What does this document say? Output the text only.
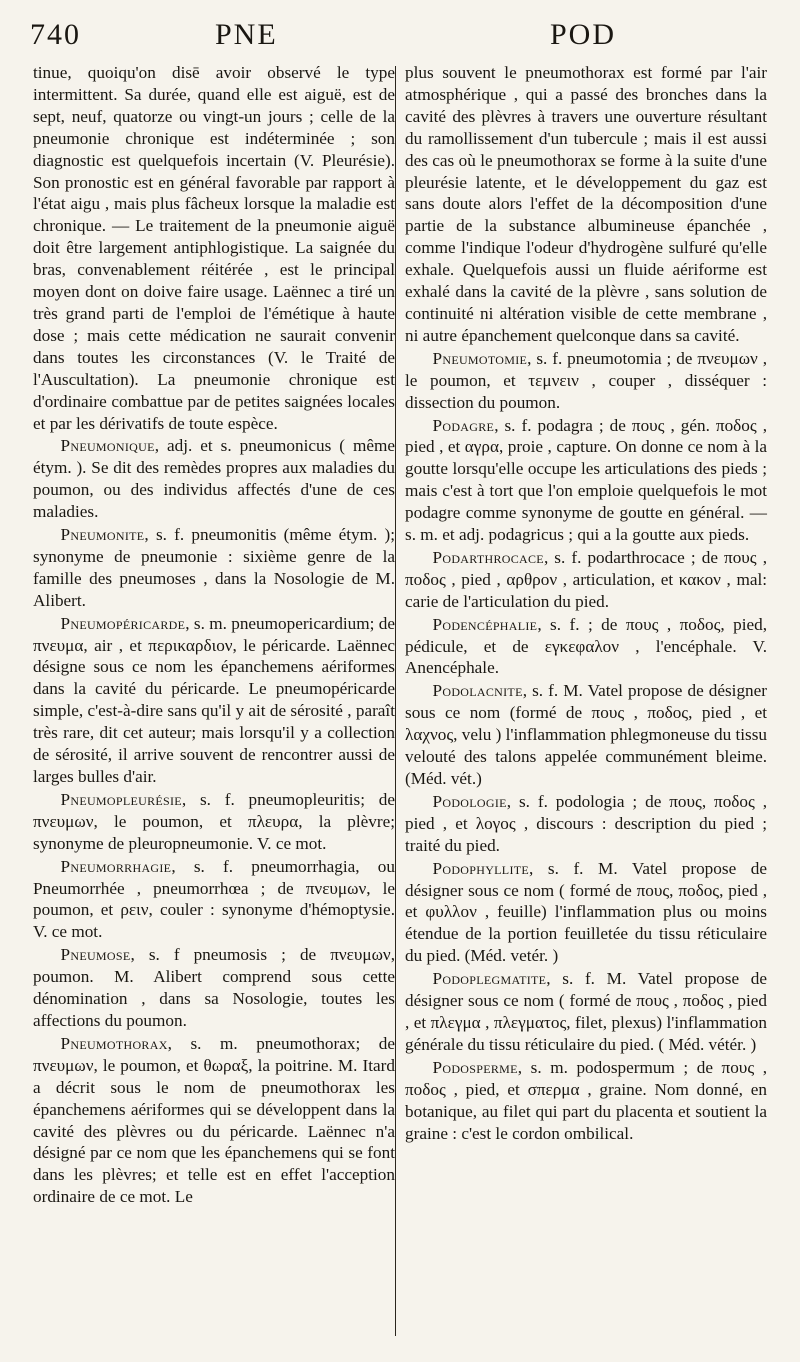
740	PNE	POD

tinue, quoiqu'on disē avoir observé le type intermittent. Sa durée, quand elle est aiguë, est de sept, neuf, quatorze ou vingt-un jours ; celle de la pneumonie chronique est indéterminée ; son diagnostic est quelquefois incertain (V. Pleurésie). Son pronostic est en général favorable par rapport à l'état aigu , mais plus fâcheux lorsque la maladie est chronique. — Le traitement de la pneumonie aiguë doit être largement antiphlogistique. La saignée du bras, convenablement réitérée , est le principal moyen dont on doive faire usage. Laënnec a tiré un très grand parti de l'emploi de l'émétique à haute dose ; mais cette médication ne saurait convenir dans toutes les circonstances (V. le Traité de l'Auscultation). La pneumonie chronique est d'ordinaire combattue par de petites saignées locales et par les dérivatifs de toute espèce.

Pneumonique, adj. et s. pneumonicus ( même étym. ). Se dit des remèdes propres aux maladies du poumon, ou des individus affectés d'une de ces maladies.

Pneumonite, s. f. pneumonitis (même étym. ); synonyme de pneumonie : sixième genre de la famille des pneumoses , dans la Nosologie de M. Alibert.

Pneumopéricarde, s. m. pneumopericardium; de πνευμα, air , et περικαρδιον, le péricarde. Laënnec désigne sous ce nom les épanchemens aériformes dans la cavité du péricarde. Le pneumopéricarde simple, c'est-à-dire sans qu'il y ait de sérosité , paraît très rare, dit cet auteur; mais lorsqu'il y a collection de sérosité, il arrive souvent de rencontrer aussi de larges bulles d'air.

Pneumopleurésie, s. f. pneumopleuritis; de πνευμων, le poumon, et πλευρα, la plèvre; synonyme de pleuropneumonie. V. ce mot.

Pneumorrhagie, s. f. pneumorrhagia, ou Pneumorrhée , pneumorrhœa ; de πνευμων, le poumon, et ρειν, couler : synonyme d'hémoptysie. V. ce mot.

Pneumose, s. f pneumosis ; de πνευμων, poumon. M. Alibert comprend sous cette dénomination , dans sa Nosologie, toutes les affections du poumon.

Pneumothorax, s. m. pneumothorax; de πνευμων, le poumon, et θωραξ, la poitrine. M. Itard a décrit sous le nom de pneumothorax les épanchemens aériformes qui se développent dans la cavité des plèvres ou du péricarde. Laënnec n'a désigné par ce nom que les épanchemens qui se font dans les plèvres; et telle est en effet l'acception ordinaire de ce mot. Le

plus souvent le pneumothorax est formé par l'air atmosphérique , qui a passé des bronches dans la cavité des plèvres à travers une ouverture résultant du ramollissement d'un tubercule ; mais il est aussi des cas où le pneumothorax se forme à la suite d'une pleurésie latente, et le développement du gaz est sans doute alors l'effet de la décomposition d'une partie de la substance albumineuse épanchée , comme l'indique l'odeur d'hydrogène sulfuré qu'elle exhale. Quelquefois aussi un fluide aériforme est exhalé dans la cavité de la plèvre , sans solution de continuité ni altération visible de cette membrane , ni autre épanchement quelconque dans sa cavité.

Pneumotomie, s. f. pneumotomia ; de πνευμων , le poumon, et τεμνειν , couper , disséquer : dissection du poumon.

Podagre, s. f. podagra ; de πους , gén. ποδος , pied , et αγρα, proie , capture. On donne ce nom à la goutte lorsqu'elle occupe les articulations des pieds ; mais c'est à tort que l'on emploie quelquefois le mot podagre comme synonyme de goutte en général. — s. m. et adj. podagricus ; qui a la goutte aux pieds.

Podarthrocace, s. f. podarthrocace ; de πους , ποδος , pied , αρθρον , articulation, et κακον , mal: carie de l'articulation du pied.

Podencéphalie, s. f. ; de πους , ποδος, pied, pédicule, et de εγκεφαλον , l'encéphale. V. Anencéphale.

Podolacnite, s. f. M. Vatel propose de désigner sous ce nom (formé de πους , ποδος, pied , et λαχνος, velu ) l'inflammation phlegmoneuse du tissu velouté des talons appelée communément bleime. (Méd. vét.)

Podologie, s. f. podologia ; de πους, ποδος , pied , et λογος , discours : description du pied ; traité du pied.

Podophyllite, s. f. M. Vatel propose de désigner sous ce nom ( formé de πους, ποδος, pied , et φυλλον , feuille) l'inflammation plus ou moins étendue de la portion feuilletée du tissu réticulaire du pied. (Méd. vetér. )

Podoplegmatite, s. f. M. Vatel propose de désigner sous ce nom ( formé de πους , ποδος , pied , et πλεγμα , πλεγματος, filet, plexus) l'inflammation générale du tissu réticulaire du pied. ( Méd. vétér. )

Podosperme, s. m. podospermum ; de πους , ποδος , pied, et σπερμα , graine. Nom donné, en botanique, au filet qui part du placenta et soutient la graine : c'est le cordon ombilical.
